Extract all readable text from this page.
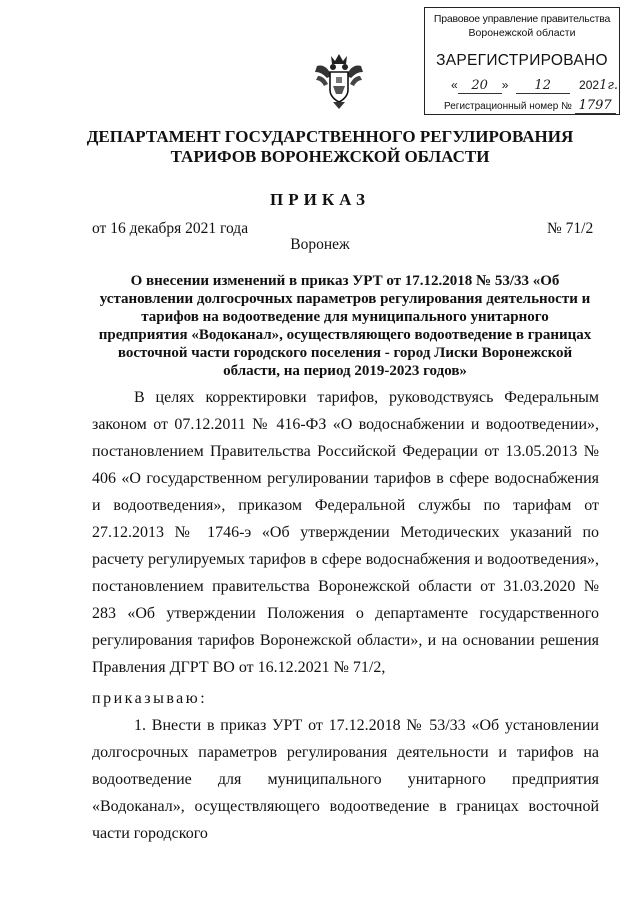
Правовое управление правительства
Воронежской области
ЗАРЕГИСТРИРОВАНО
« 20 » 12 2021г.
Регистрационный номер № 1797
ДЕПАРТАМЕНТ ГОСУДАРСТВЕННОГО РЕГУЛИРОВАНИЯ ТАРИФОВ ВОРОНЕЖСКОЙ ОБЛАСТИ
ПРИКАЗ
от 16 декабря 2021 года	№ 71/2
Воронеж
О внесении изменений в приказ УРТ от 17.12.2018 № 53/33 «Об установлении долгосрочных параметров регулирования деятельности и тарифов на водоотведение для муниципального унитарного предприятия «Водоканал», осуществляющего водоотведение в границах восточной части городского поселения - город Лиски Воронежской области, на период 2019-2023 годов»
В целях корректировки тарифов, руководствуясь Федеральным законом от 07.12.2011 № 416-ФЗ «О водоснабжении и водоотведении», постановлением Правительства Российской Федерации от 13.05.2013 № 406 «О государственном регулировании тарифов в сфере водоснабжения и водоотведения», приказом Федеральной службы по тарифам от 27.12.2013 № 1746-э «Об утверждении Методических указаний по расчету регулируемых тарифов в сфере водоснабжения и водоотведения», постановлением правительства Воронежской области от 31.03.2020 № 283 «Об утверждении Положения о департаменте государственного регулирования тарифов Воронежской области», и на основании решения Правления ДГРТ ВО от 16.12.2021 № 71/2,
приказываю:
1. Внести в приказ УРТ от 17.12.2018 № 53/33 «Об установлении долгосрочных параметров регулирования деятельности и тарифов на водоотведение для муниципального унитарного предприятия «Водоканал», осуществляющего водоотведение в границах восточной части городского
